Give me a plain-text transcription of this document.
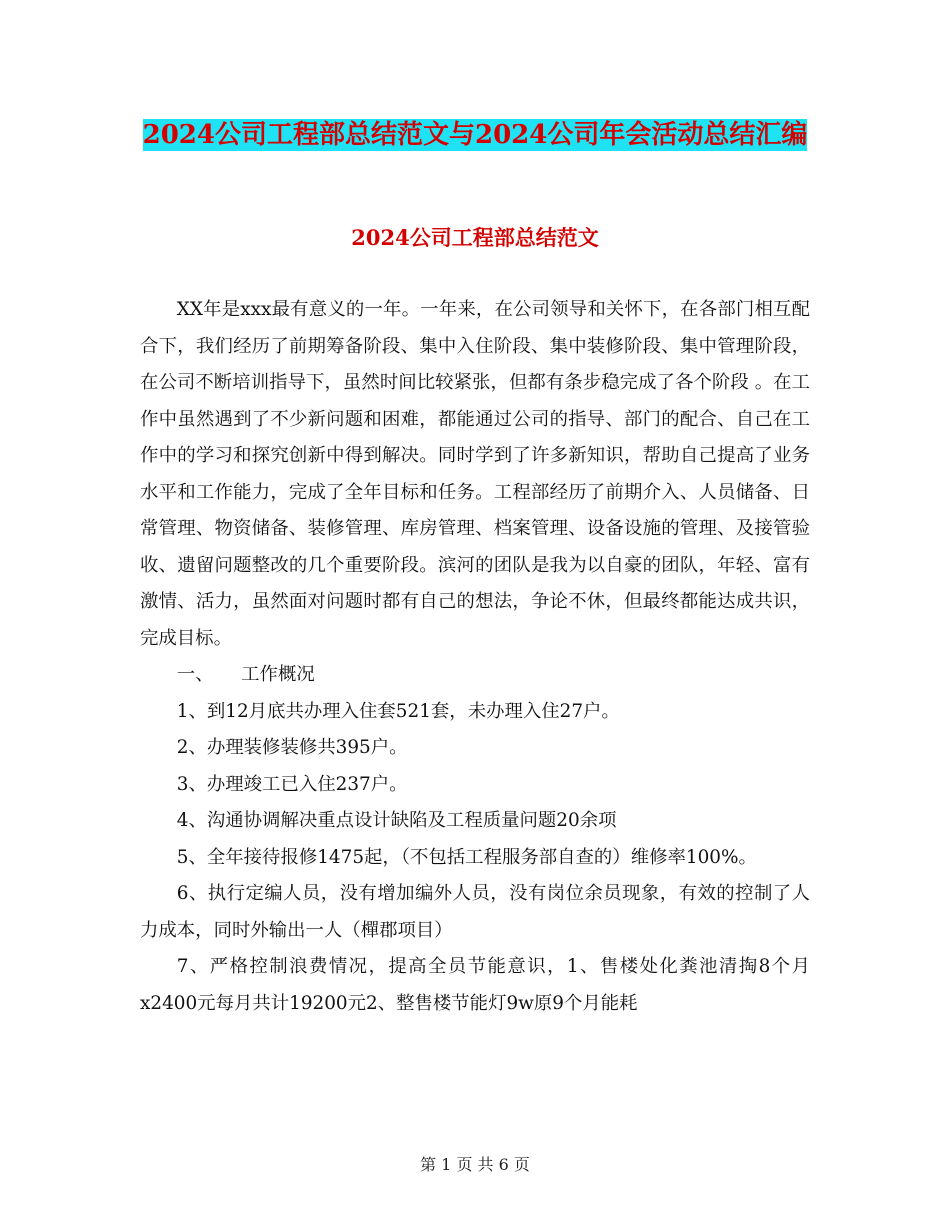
2024公司工程部总结范文与2024公司年会活动总结汇编
2024公司工程部总结范文

XX年是xxx最有意义的一年。一年来，在公司领导和关怀下，在各部门相互配合下，我们经历了前期筹备阶段、集中入住阶段、集中装修阶段、集中管理阶段，在公司不断培训指导下，虽然时间比较紧张，但都有条步稳完成了各个阶段 。在工作中虽然遇到了不少新问题和困难，都能通过公司的指导、部门的配合、自己在工作中的学习和探究创新中得到解决。同时学到了许多新知识，帮助自己提高了业务水平和工作能力，完成了全年目标和任务。工程部经历了前期介入、人员储备、日常管理、物资储备、装修管理、库房管理、档案管理、设备设施的管理、及接管验收、遗留问题整改的几个重要阶段。滨河的团队是我为以自豪的团队，年轻、富有激情、活力，虽然面对问题时都有自己的想法，争论不休，但最终都能达成共识，完成目标。

一、　　工作概况

1、到12月底共办理入住套521套，未办理入住27户。

2、办理装修装修共395户。

3、办理竣工已入住237户。

4、沟通协调解决重点设计缺陷及工程质量问题20余项

5、全年接待报修1475起，（不包括工程服务部自查的）维修率100%。

6、执行定编人员，没有增加编外人员，没有岗位余员现象，有效的控制了人力成本，同时外输出一人（樿郡项目）

7、严格控制浪费情况，提高全员节能意识，1、售楼处化粪池清掏8个月x2400元每月共计19200元2、整售楼节能灯9w原9个月能耗

第 1 页 共 6 页
